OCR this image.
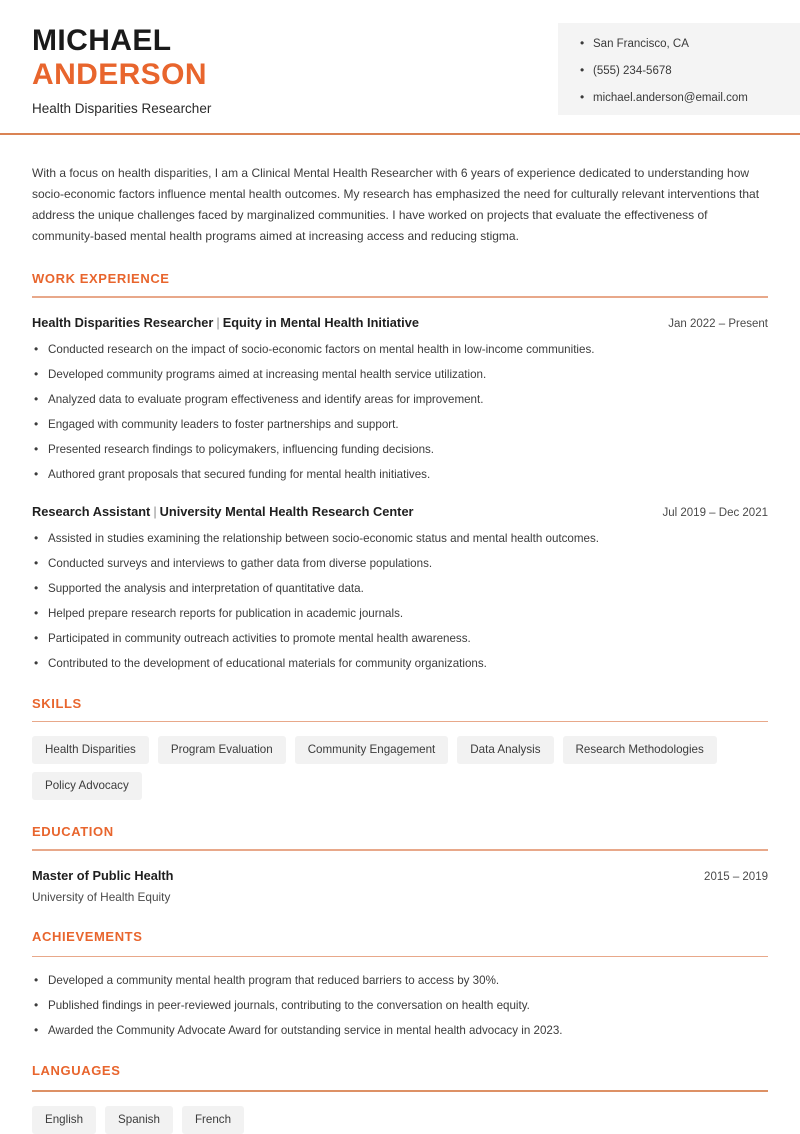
MICHAEL
ANDERSON
Health Disparities Researcher
• San Francisco, CA
• (555) 234-5678
• michael.anderson@email.com

With a focus on health disparities, I am a Clinical Mental Health Researcher with 6 years of experience dedicated to understanding how socio-economic factors influence mental health outcomes. My research has emphasized the need for culturally relevant interventions that address the unique challenges faced by marginalized communities. I have worked on projects that evaluate the effectiveness of community-based mental health programs aimed at increasing access and reducing stigma.

WORK EXPERIENCE
Health Disparities Researcher | Equity in Mental Health Initiative	Jan 2022 – Present
• Conducted research on the impact of socio-economic factors on mental health in low-income communities.
• Developed community programs aimed at increasing mental health service utilization.
• Analyzed data to evaluate program effectiveness and identify areas for improvement.
• Engaged with community leaders to foster partnerships and support.
• Presented research findings to policymakers, influencing funding decisions.
• Authored grant proposals that secured funding for mental health initiatives.
Research Assistant | University Mental Health Research Center	Jul 2019 – Dec 2021
• Assisted in studies examining the relationship between socio-economic status and mental health outcomes.
• Conducted surveys and interviews to gather data from diverse populations.
• Supported the analysis and interpretation of quantitative data.
• Helped prepare research reports for publication in academic journals.
• Participated in community outreach activities to promote mental health awareness.
• Contributed to the development of educational materials for community organizations.
SKILLS
Health Disparities	Program Evaluation	Community Engagement	Data Analysis	Research Methodologies
Policy Advocacy
EDUCATION
Master of Public Health	2015 – 2019
University of Health Equity
ACHIEVEMENTS
• Developed a community mental health program that reduced barriers to access by 30%.
• Published findings in peer-reviewed journals, contributing to the conversation on health equity.
• Awarded the Community Advocate Award for outstanding service in mental health advocacy in 2023.
LANGUAGES
English	Spanish	French
